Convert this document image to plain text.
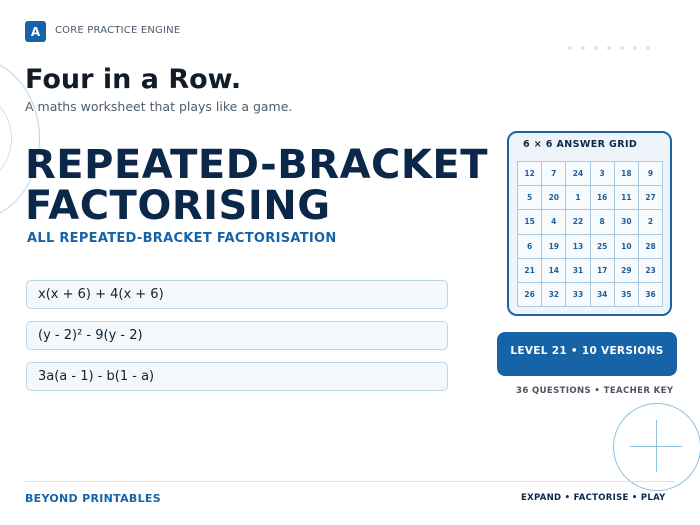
A	CORE PRACTICE ENGINE
Four in a Row.
A maths worksheet that plays like a game.
REPEATED-BRACKET
FACTORISING
ALL REPEATED-BRACKET FACTORISATION
x(x + 6) + 4(x + 6)
(y - 2)² - 9(y - 2)
3a(a - 1) - b(1 - a)
6 × 6 ANSWER GRID
12	7	24	3	18	9
5	20	1	16	11	27
15	4	22	8	30	2
6	19	13	25	10	28
21	14	31	17	29	23
26	32	33	34	35	36
LEVEL 21 • 10 VERSIONS
36 QUESTIONS • TEACHER KEY
BEYOND PRINTABLES	EXPAND • FACTORISE • PLAY
